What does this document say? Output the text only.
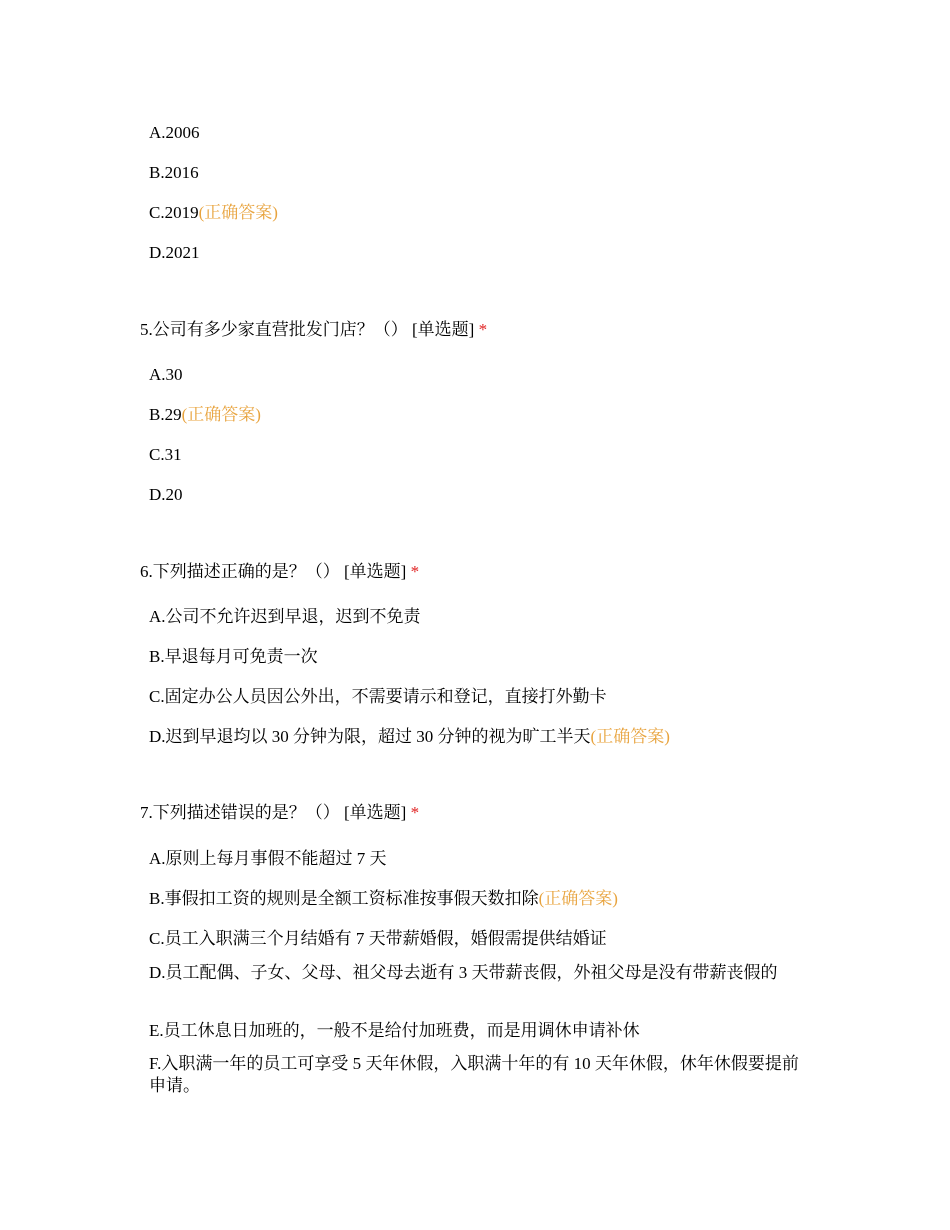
A.2006
B.2016
C.2019(正确答案)
D.2021
5.公司有多少家直营批发门店？（） [单选题] *
A.30
B.29(正确答案)
C.31
D.20
6.下列描述正确的是？（） [单选题] *
A.公司不允许迟到早退，迟到不免责
B.早退每月可免责一次
C.固定办公人员因公外出，不需要请示和登记，直接打外勤卡
D.迟到早退均以 30 分钟为限，超过 30 分钟的视为旷工半天(正确答案)
7.下列描述错误的是？（） [单选题] *
A.原则上每月事假不能超过 7 天
B.事假扣工资的规则是全额工资标准按事假天数扣除(正确答案)
C.员工入职满三个月结婚有 7 天带薪婚假，婚假需提供结婚证
D.员工配偶、子女、父母、祖父母去逝有 3 天带薪丧假，外祖父母是没有带薪丧假的
E.员工休息日加班的，一般不是给付加班费，而是用调休申请补休
F.入职满一年的员工可享受 5 天年休假，入职满十年的有 10 天年休假，休年休假要提前申请。
